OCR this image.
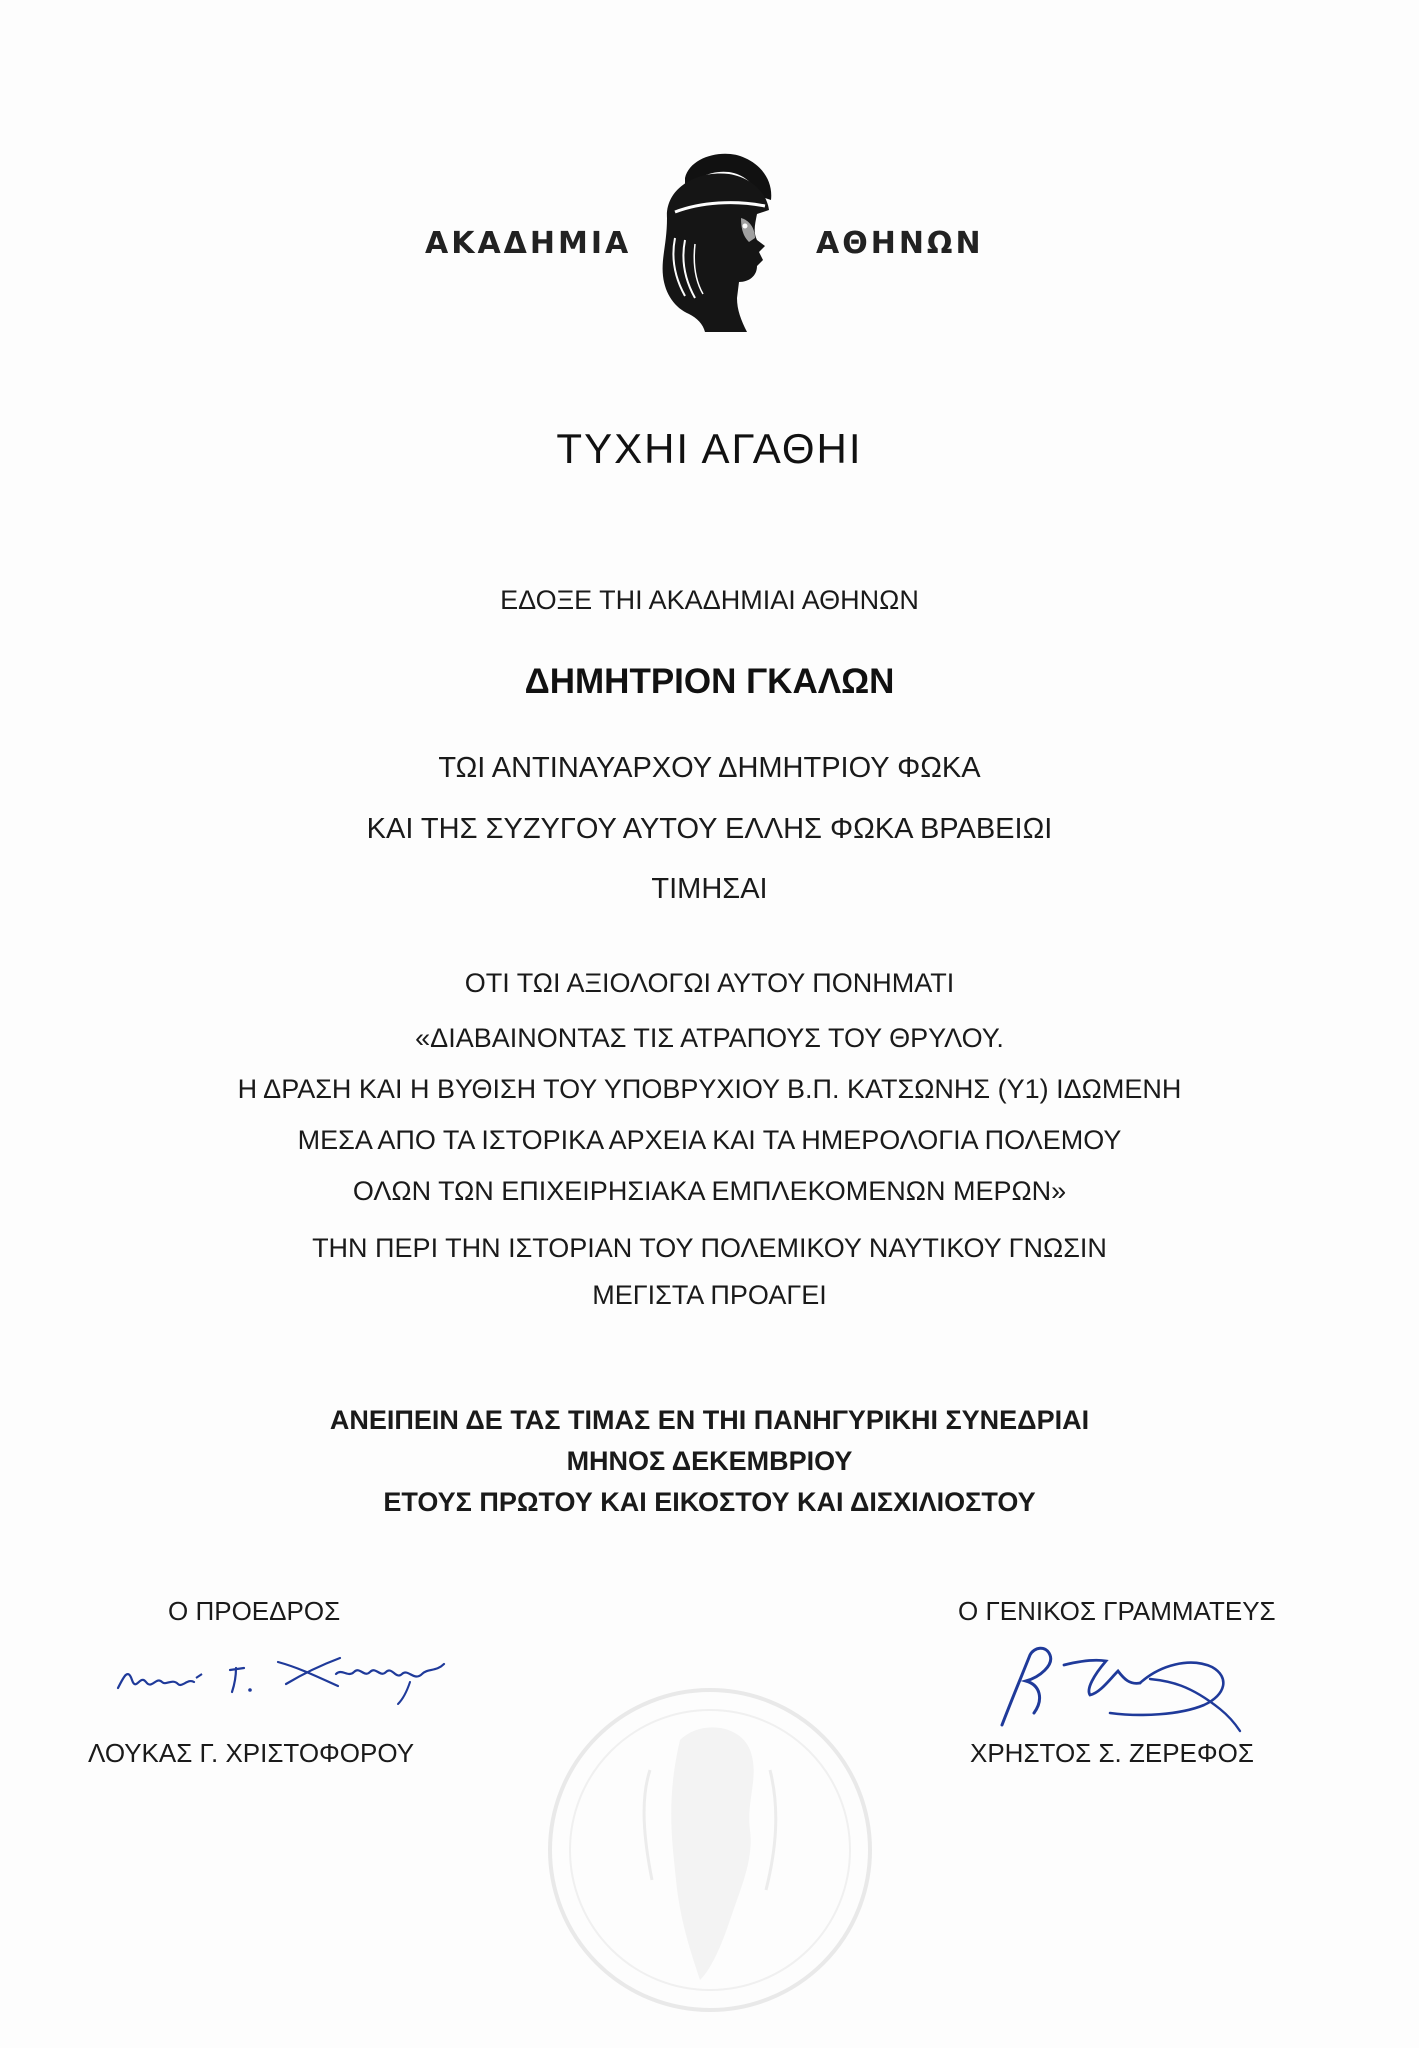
ΑΚΑΔΗΜΙΑ	ΑΘΗΝΩΝ
ΤΥΧΗΙ ΑΓΑΘΗΙ
ΕΔΟΞΕ ΤΗΙ ΑΚΑΔΗΜΙΑΙ ΑΘΗΝΩΝ
ΔΗΜΗΤΡΙΟΝ ΓΚΑΛΩΝ
ΤΩΙ ΑΝΤΙΝΑΥΑΡΧΟΥ ΔΗΜΗΤΡΙΟΥ ΦΩΚΑ
ΚΑΙ ΤΗΣ ΣΥΖΥΓΟΥ ΑΥΤΟΥ ΕΛΛΗΣ ΦΩΚΑ ΒΡΑΒΕΙΩΙ
ΤΙΜΗΣΑΙ
ΟΤΙ ΤΩΙ ΑΞΙΟΛΟΓΩΙ ΑΥΤΟΥ ΠΟΝΗΜΑΤΙ
«ΔΙΑΒΑΙΝΟΝΤΑΣ ΤΙΣ ΑΤΡΑΠΟΥΣ ΤΟΥ ΘΡΥΛΟΥ.
Η ΔΡΑΣΗ ΚΑΙ Η ΒΥΘΙΣΗ ΤΟΥ ΥΠΟΒΡΥΧΙΟΥ Β.Π. ΚΑΤΣΩΝΗΣ (Υ1) ΙΔΩΜΕΝΗ
ΜΕΣΑ ΑΠΟ ΤΑ ΙΣΤΟΡΙΚΑ ΑΡΧΕΙΑ ΚΑΙ ΤΑ ΗΜΕΡΟΛΟΓΙΑ ΠΟΛΕΜΟΥ
ΟΛΩΝ ΤΩΝ ΕΠΙΧΕΙΡΗΣΙΑΚΑ ΕΜΠΛΕΚΟΜΕΝΩΝ ΜΕΡΩΝ»
ΤΗΝ ΠΕΡΙ ΤΗΝ ΙΣΤΟΡΙΑΝ ΤΟΥ ΠΟΛΕΜΙΚΟΥ ΝΑΥΤΙΚΟΥ ΓΝΩΣΙΝ
ΜΕΓΙΣΤΑ ΠΡΟΑΓΕΙ
ΑΝΕΙΠΕΙΝ ΔΕ ΤΑΣ ΤΙΜΑΣ ΕΝ ΤΗΙ ΠΑΝΗΓΥΡΙΚΗΙ ΣΥΝΕΔΡΙΑΙ
ΜΗΝΟΣ ΔΕΚΕΜΒΡΙΟΥ
ΕΤΟΥΣ ΠΡΩΤΟΥ ΚΑΙ ΕΙΚΟΣΤΟΥ ΚΑΙ ΔΙΣΧΙΛΙΟΣΤΟΥ
Ο ΠΡΟΕΔΡΟΣ	Ο ΓΕΝΙΚΟΣ ΓΡΑΜΜΑΤΕΥΣ
ΛΟΥΚΑΣ Γ. ΧΡΙΣΤΟΦΟΡΟΥ	ΧΡΗΣΤΟΣ Σ. ΖΕΡΕΦΟΣ
